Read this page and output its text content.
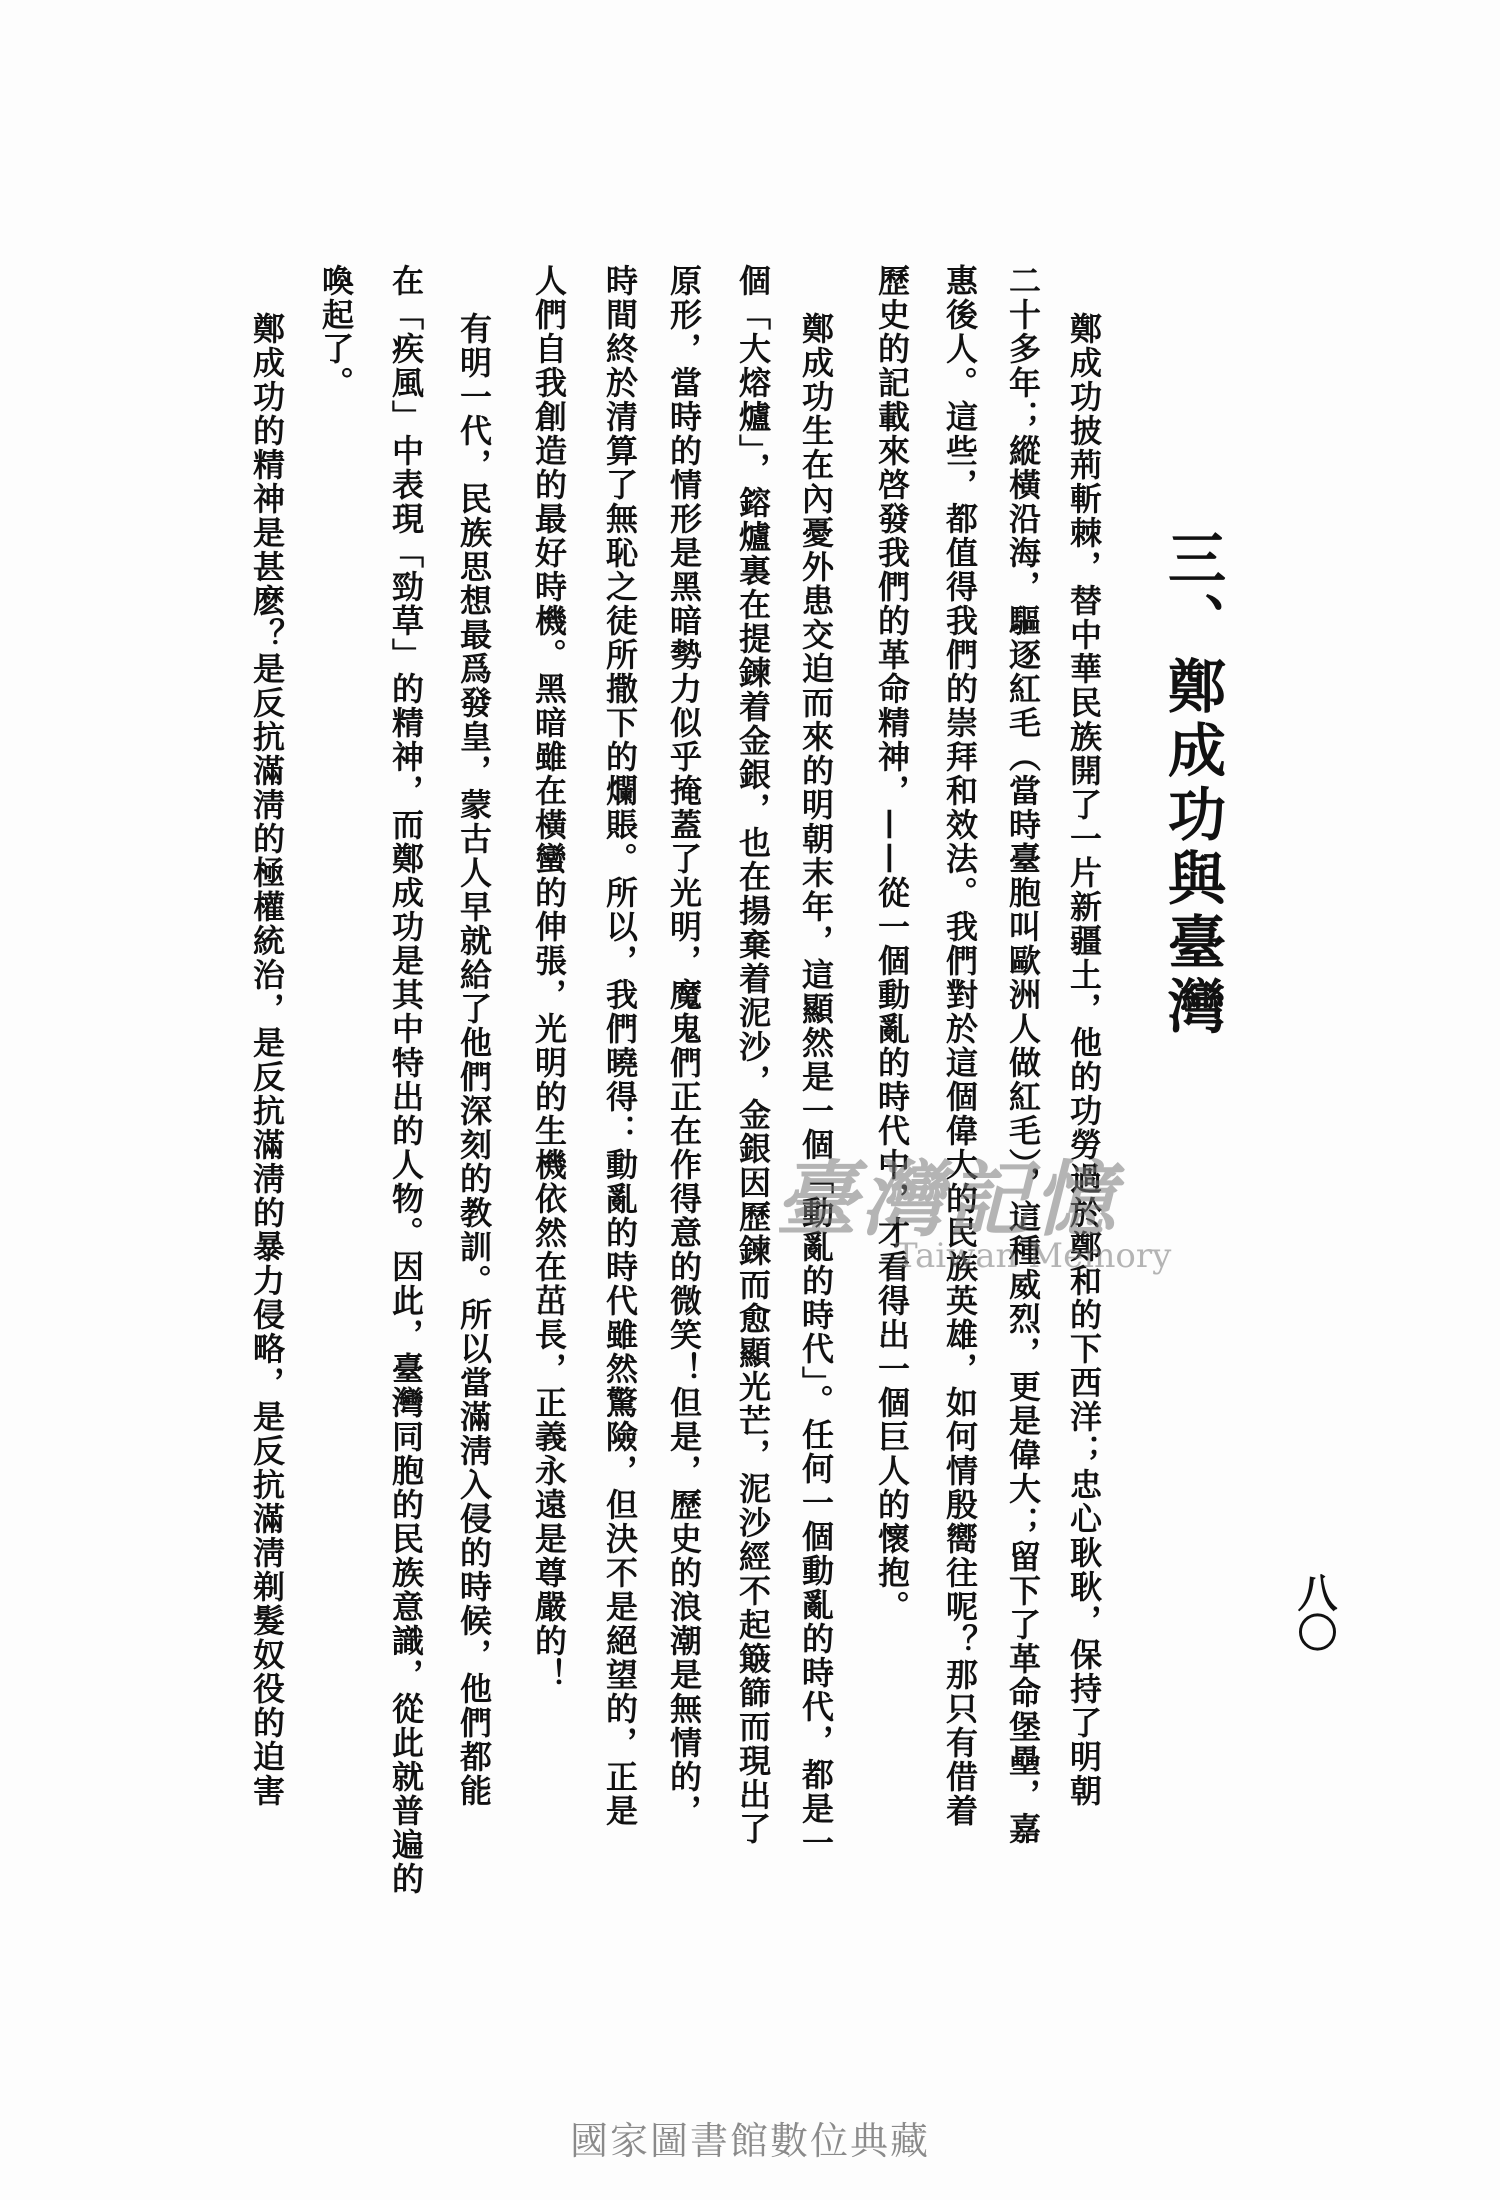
三、鄭成功與臺灣
八〇
鄭成功披荊斬棘，替中華民族開了一片新疆土，他的功勞過於鄭和的下西洋；忠心耿耿，保持了明朝
二十多年；縱橫沿海，驅逐紅毛（當時臺胞叫歐洲人做紅毛），這種威烈，更是偉大；留下了革命堡壘，嘉
惠後人。這些，都值得我們的崇拜和效法。我們對於這個偉大的民族英雄，如何情殷嚮往呢？那只有借着
歷史的記載來啓發我們的革命精神，——從一個動亂的時代中，才看得出一個巨人的懷抱。
鄭成功生在內憂外患交迫而來的明朝末年，這顯然是一個「動亂的時代」。任何一個動亂的時代，都是一
個「大熔爐」，鎔爐裏在提鍊着金銀，也在揚棄着泥沙，金銀因歷鍊而愈顯光芒，泥沙經不起簸篩而現出了
原形，當時的情形是黑暗勢力似乎掩蓋了光明，魔鬼們正在作得意的微笑！但是，歷史的浪潮是無情的，
時間終於清算了無恥之徒所撒下的爛賬。所以，我們曉得：動亂的時代雖然驚險，但決不是絕望的，正是
人們自我創造的最好時機。黑暗雖在橫蠻的伸張，光明的生機依然在茁長，正義永遠是尊嚴的！
有明一代，民族思想最爲發皇，蒙古人早就給了他們深刻的教訓。所以當滿淸入侵的時候，他們都能
在「疾風」中表現「勁草」的精神，而鄭成功是其中特出的人物。因此，臺灣同胞的民族意識，從此就普遍的
喚起了。
鄭成功的精神是甚麽？是反抗滿淸的極權統治，是反抗滿淸的暴力侵略，是反抗滿淸剃髮奴役的迫害	臺灣記憶
Taiwan Memory
國家圖書館數位典藏
